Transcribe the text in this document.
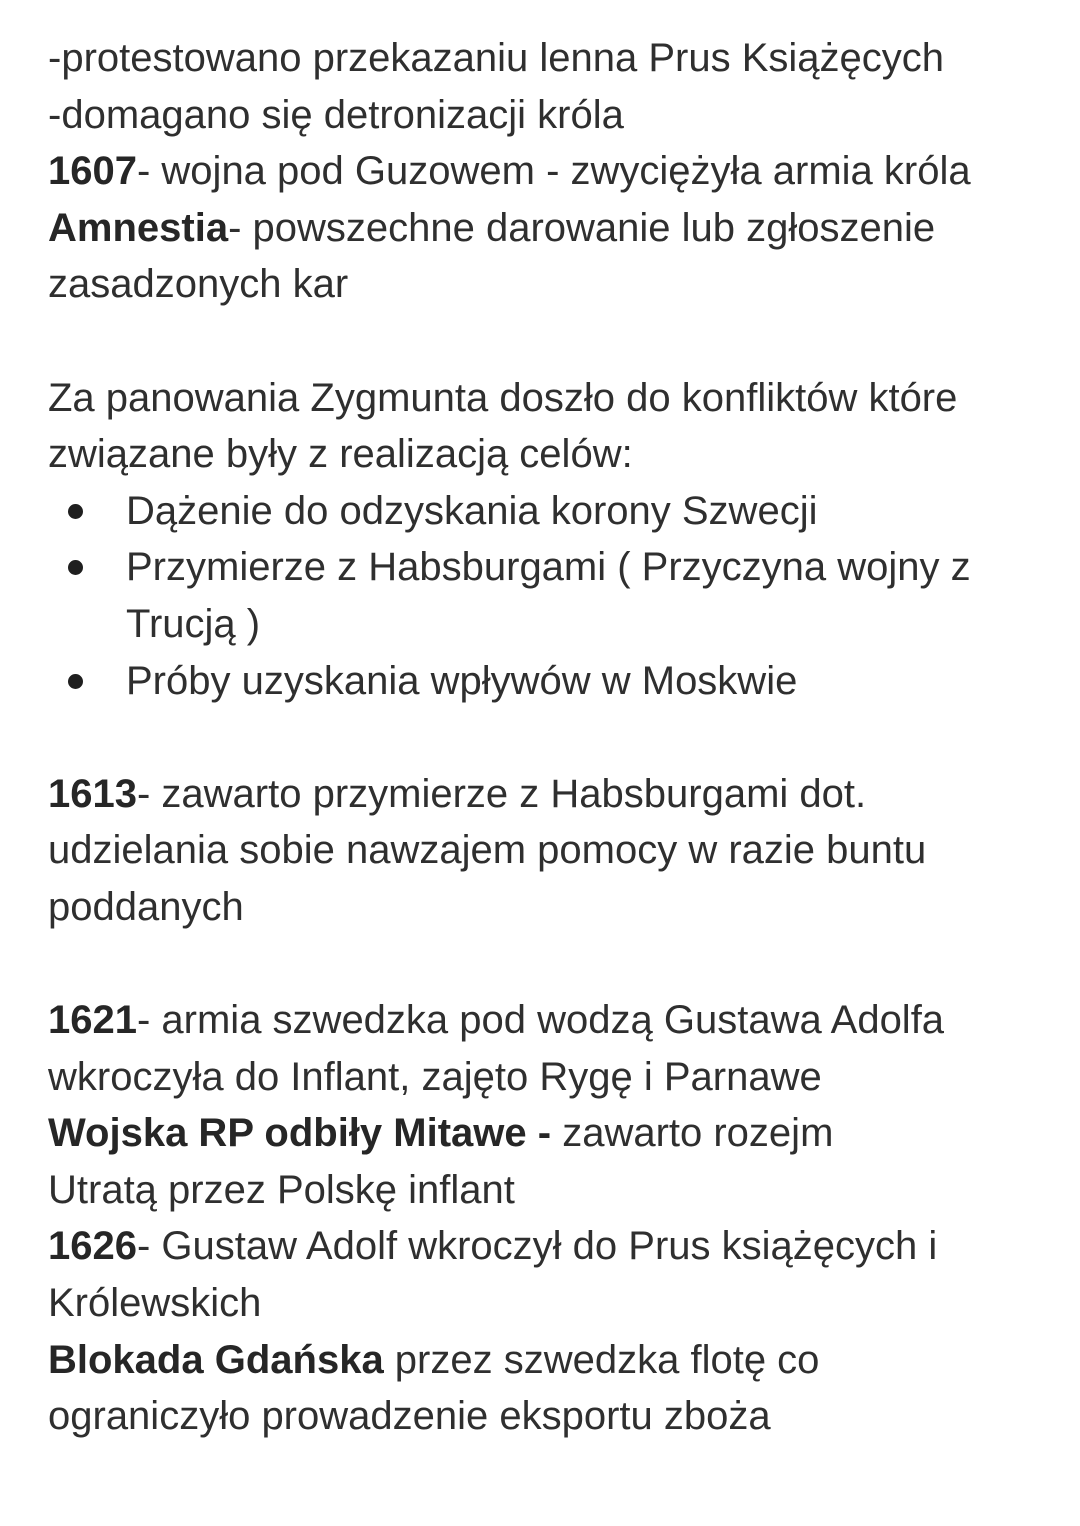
-protestowano przekazaniu lenna Prus Książęcych
-domagano się detronizacji króla
1607- wojna pod Guzowem - zwyciężyła armia króla
Amnestia- powszechne darowanie lub zgłoszenie
zasadzonych kar
Za panowania Zygmunta doszło do konfliktów które
związane były z realizacją celów:
Dążenie do odzyskania korony Szwecji
Przymierze z Habsburgami ( Przyczyna wojny z
Trucją )
Próby uzyskania wpływów w Moskwie
1613- zawarto przymierze z Habsburgami dot.
udzielania sobie nawzajem pomocy w razie buntu
poddanych
1621- armia szwedzka pod wodzą Gustawa Adolfa
wkroczyła do Inflant, zajęto Rygę i Parnawe
Wojska RP odbiły Mitawe - zawarto rozejm
Utratą przez Polskę inflant
1626- Gustaw Adolf wkroczył do Prus książęcych i
Królewskich
Blokada Gdańska przez szwedzka flotę co
ograniczyło prowadzenie eksportu zboża
